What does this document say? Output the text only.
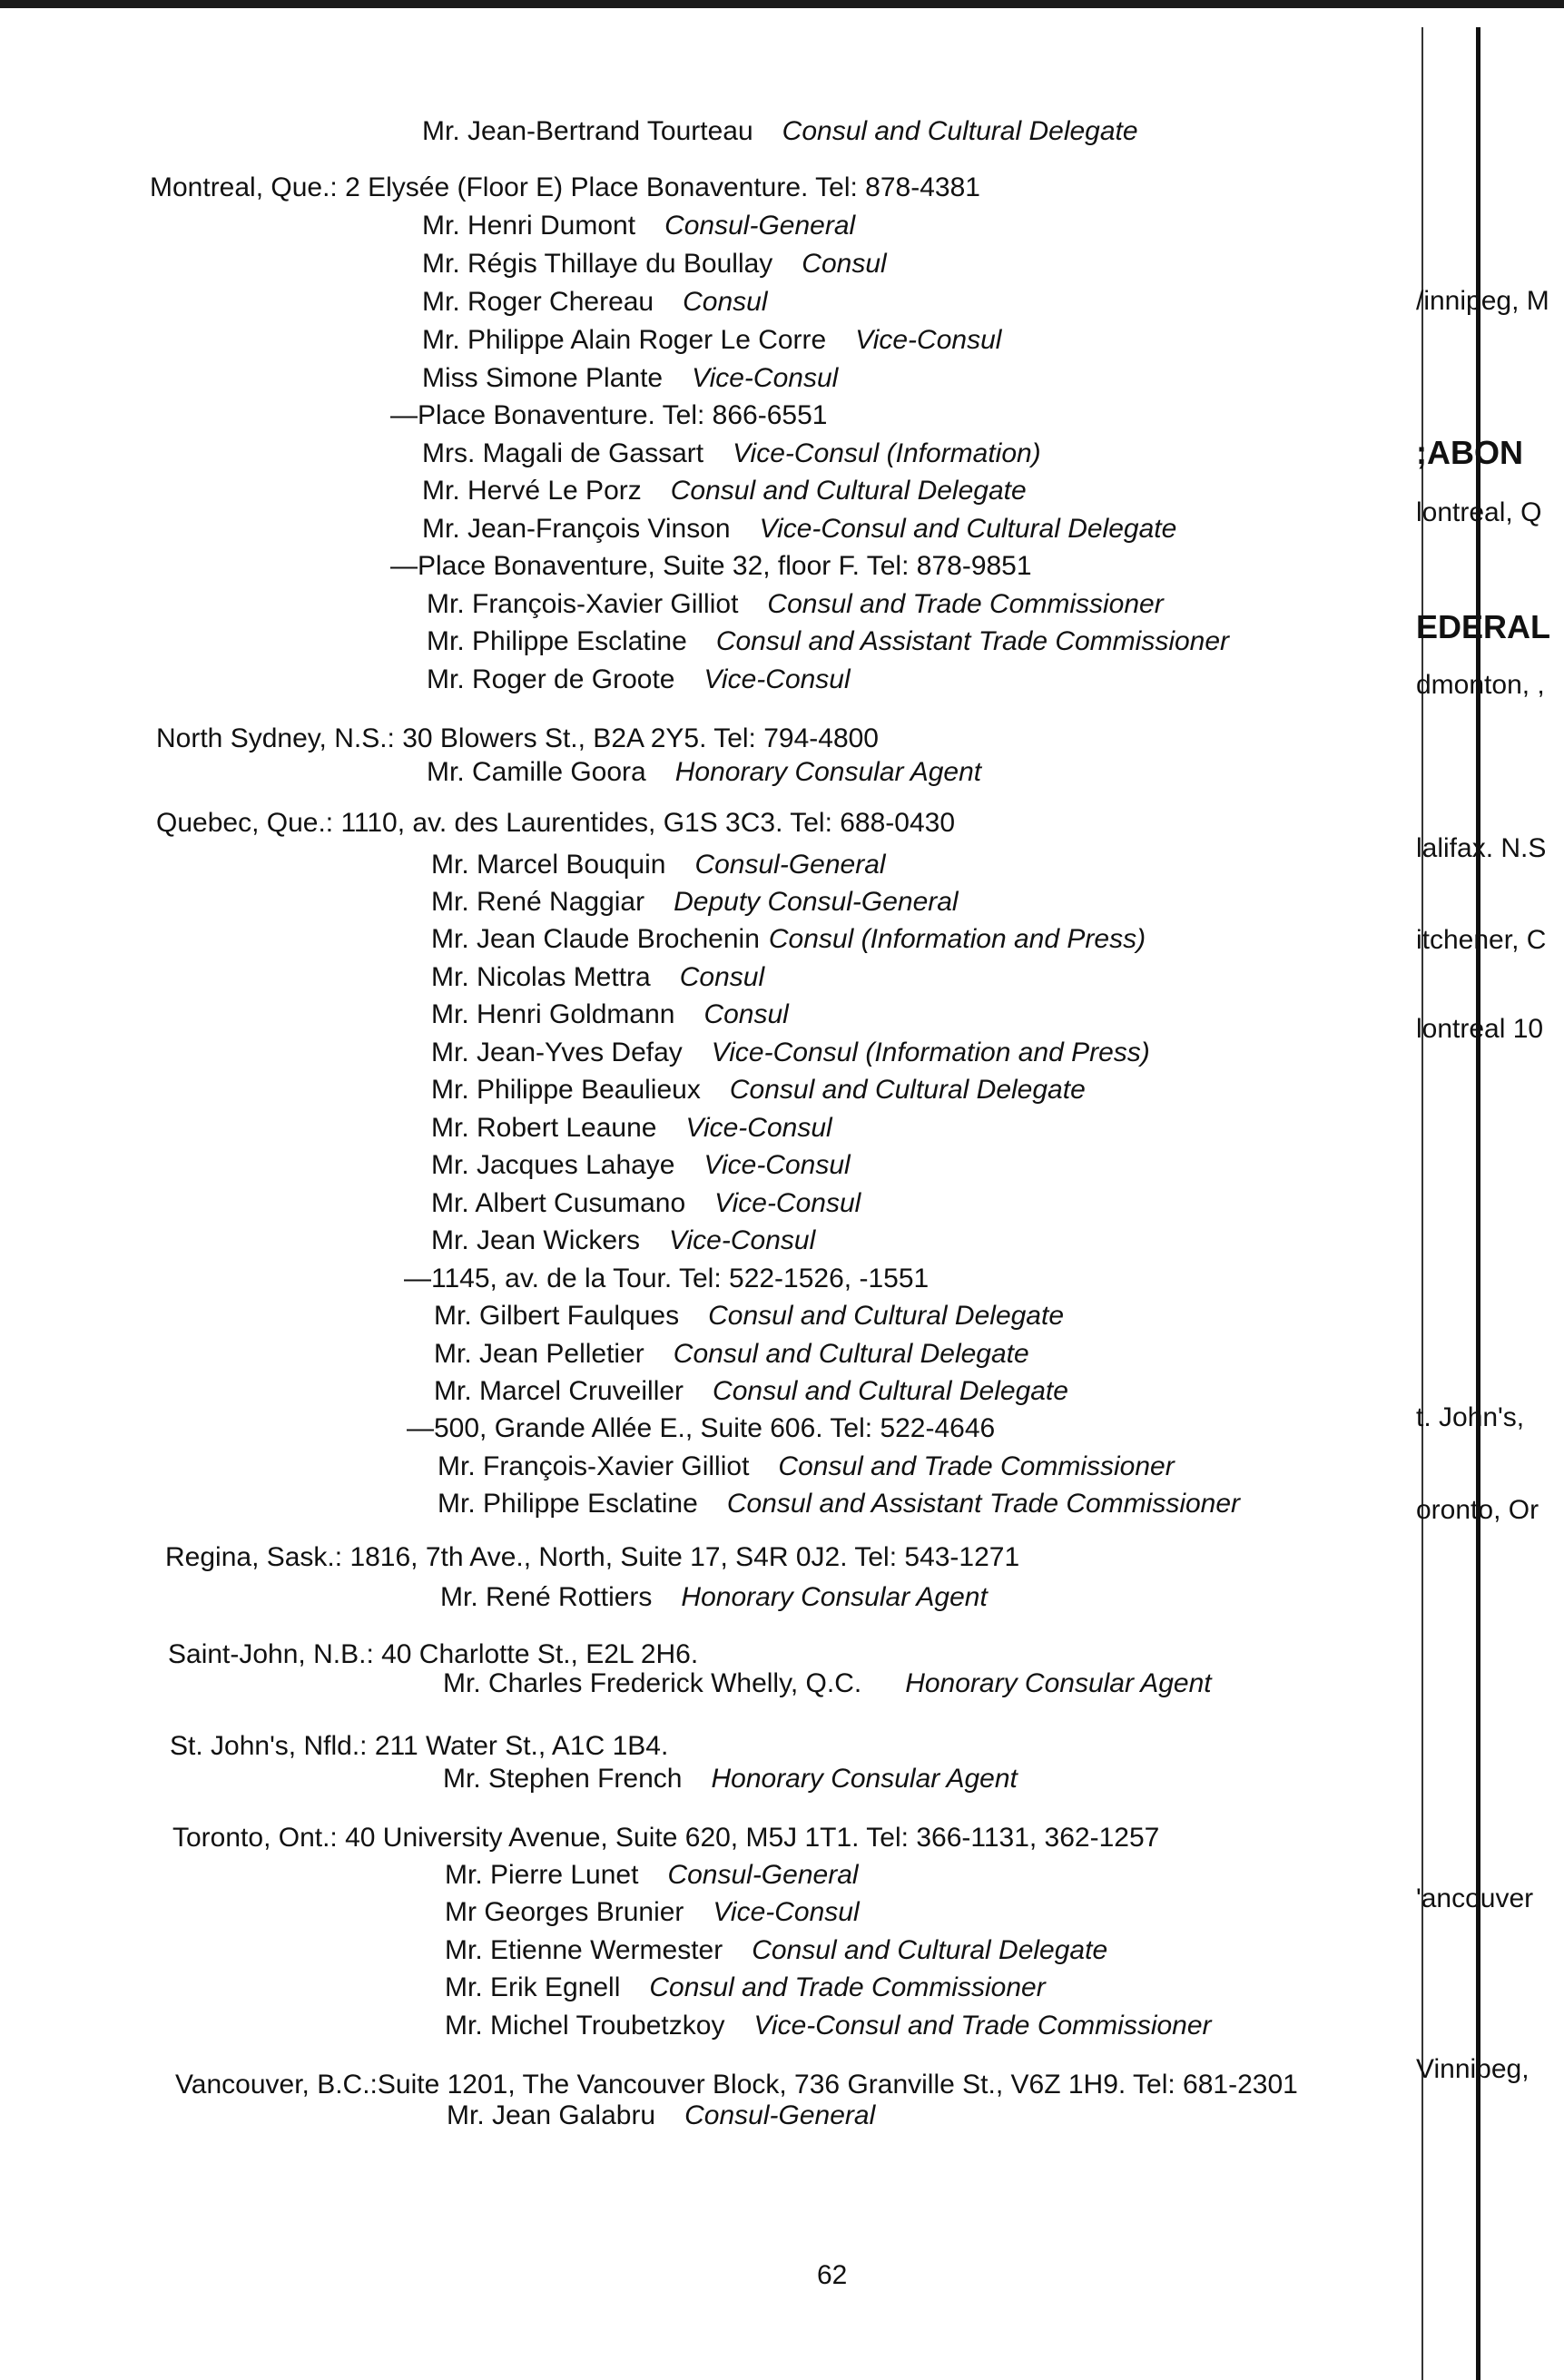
Mr. Jean-Bertrand Tourteau Consul and Cultural Delegate
Montreal, Que.: 2 Elysée (Floor E) Place Bonaventure. Tel: 878-4381
Mr. Henri Dumont Consul-General
Mr. Régis Thillaye du Boullay Consul
Mr. Roger Chereau Consul
Mr. Philippe Alain Roger Le Corre Vice-Consul
Miss Simone Plante Vice-Consul
—Place Bonaventure. Tel: 866-6551
Mrs. Magali de Gassart Vice-Consul (Information)
Mr. Hervé Le Porz Consul and Cultural Delegate
Mr. Jean-François Vinson Vice-Consul and Cultural Delegate
—Place Bonaventure, Suite 32, floor F. Tel: 878-9851
Mr. François-Xavier Gilliot Consul and Trade Commissioner
Mr. Philippe Esclatine Consul and Assistant Trade Commissioner
Mr. Roger de Groote Vice-Consul
North Sydney, N.S.: 30 Blowers St., B2A 2Y5. Tel: 794-4800
Mr. Camille Goora Honorary Consular Agent
Quebec, Que.: 1110, av. des Laurentides, G1S 3C3. Tel: 688-0430
Mr. Marcel Bouquin Consul-General
Mr. René Naggiar Deputy Consul-General
Mr. Jean Claude Brochenin Consul (Information and Press)
Mr. Nicolas Mettra Consul
Mr. Henri Goldmann Consul
Mr. Jean-Yves Defay Vice-Consul (Information and Press)
Mr. Philippe Beaulieux Consul and Cultural Delegate
Mr. Robert Leaune Vice-Consul
Mr. Jacques Lahaye Vice-Consul
Mr. Albert Cusumano Vice-Consul
Mr. Jean Wickers Vice-Consul
—1145, av. de la Tour. Tel: 522-1526, -1551
Mr. Gilbert Faulques Consul and Cultural Delegate
Mr. Jean Pelletier Consul and Cultural Delegate
Mr. Marcel Cruveiller Consul and Cultural Delegate
—500, Grande Allée E., Suite 606. Tel: 522-4646
Mr. François-Xavier Gilliot Consul and Trade Commissioner
Mr. Philippe Esclatine Consul and Assistant Trade Commissioner
Regina, Sask.: 1816, 7th Ave., North, Suite 17, S4R 0J2. Tel: 543-1271
Mr. René Rottiers Honorary Consular Agent
Saint-John, N.B.: 40 Charlotte St., E2L 2H6.
Mr. Charles Frederick Whelly, Q.C. Honorary Consular Agent
St. John's, Nfld.: 211 Water St., A1C 1B4.
Mr. Stephen French Honorary Consular Agent
Toronto, Ont.: 40 University Avenue, Suite 620, M5J 1T1. Tel: 366-1131, 362-1257
Mr. Pierre Lunet Consul-General
Mr Georges Brunier Vice-Consul
Mr. Etienne Wermester Consul and Cultural Delegate
Mr. Erik Egnell Consul and Trade Commissioner
Mr. Michel Troubetzkoy Vice-Consul and Trade Commissioner
Vancouver, B.C.:Suite 1201, The Vancouver Block, 736 Granville St., V6Z 1H9. Tel: 681-2301
Mr. Jean Galabru Consul-General
62
/innipeg, M
;ABON
lontreal, Q
EDERAL
dmonton, ,
lalifax. N.S
itchener, C
lontreal 10
t. John's,
oronto, Or
'ancouver
Vinnipeg,
